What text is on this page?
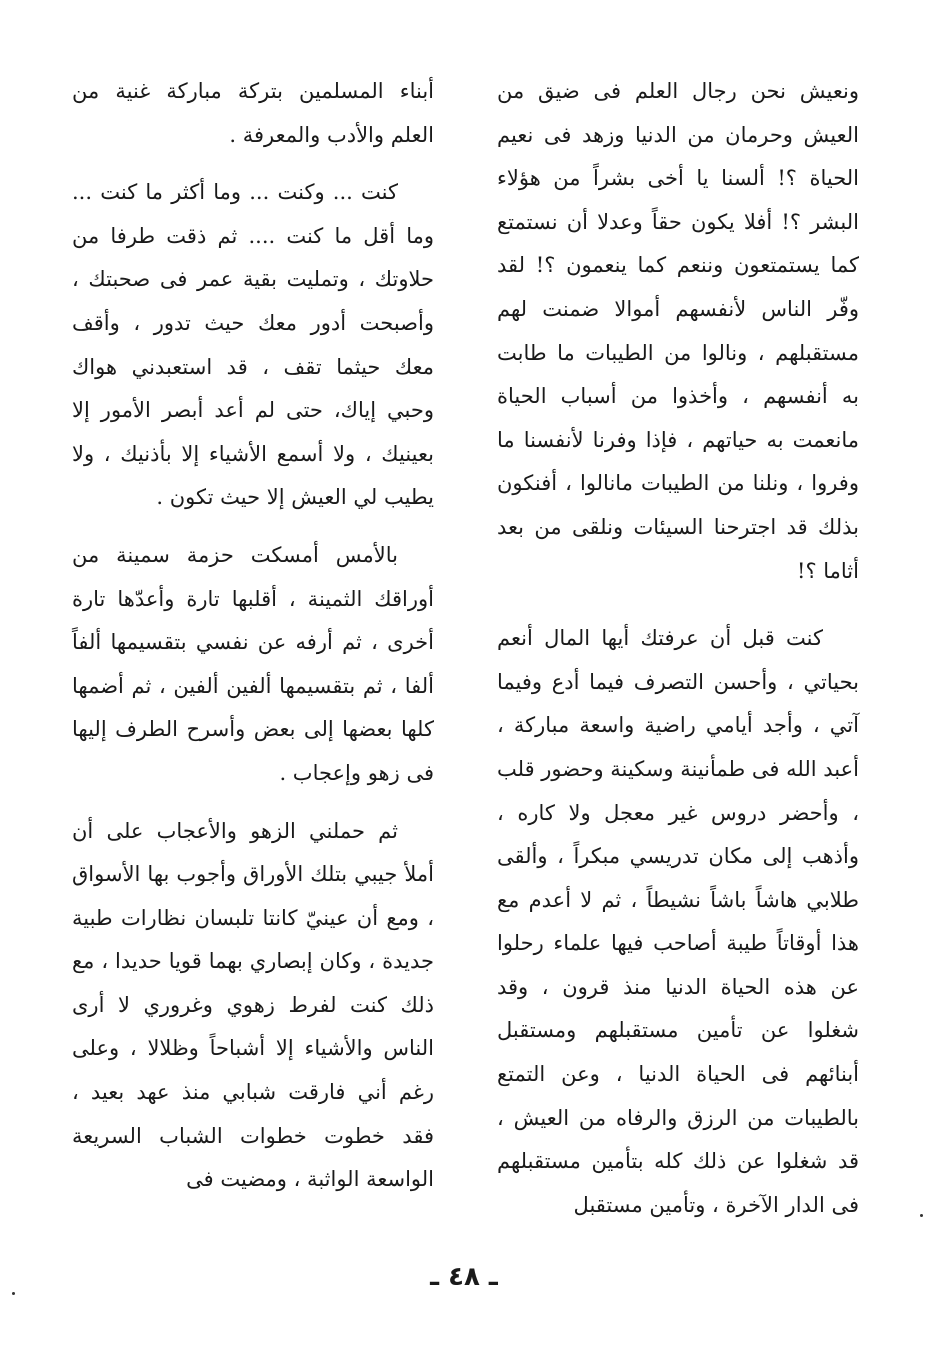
ونعيش نحن رجال العلم فى ضيق من العيش وحرمان من الدنيا وزهد فى نعيم الحياة ؟! ألسنا يا أخى بشراً من هؤلاء البشر ؟! أفلا يكون حقاً وعدلا أن نستمتع كما يستمتعون وننعم كما ينعمون ؟! لقد وفّر الناس لأنفسهم أموالا ضمنت لهم مستقبلهم ، ونالوا من الطيبات ما طابت به أنفسهم ، وأخذوا من أسباب الحياة مانعمت به حياتهم ، فإذا وفرنا لأنفسنا ما وفروا ، ونلنا من الطيبات مانالوا ، أفنكون بذلك قد اجترحنا السيئات ونلقى من بعد أثاما ؟!

كنت قبل أن عرفتك أيها المال أنعم بحياتي ، وأحسن التصرف فيما أدع وفيما آتي ، وأجد أيامي راضية واسعة مباركة ، أعبد الله فى طمأنينة وسكينة وحضور قلب ، وأحضر دروس غير معجل ولا كاره ، وأذهب إلى مكان تدريسي مبكراً ، وألقى طلابي هاشاً باشاً نشيطاً ، ثم لا أعدم مع هذا أوقاتاً طيبة أصاحب فيها علماء رحلوا عن هذه الحياة الدنيا منذ قرون ، وقد شغلوا عن تأمين مستقبلهم ومستقبل أبنائهم فى الحياة الدنيا ، وعن التمتع بالطيبات من الرزق والرفاه من العيش ، قد شغلوا عن ذلك كله بتأمين مستقبلهم فى الدار الآخرة ، وتأمين مستقبل

أبناء المسلمين بتركة مباركة غنية من العلم والأدب والمعرفة .

كنت ... وكنت ... وما أكثر ما كنت ... وما أقل ما كنت .... ثم ذقت طرفا من حلاوتك ، وتمليت بقية عمر فى صحبتك ، وأصبحت أدور معك حيث تدور ، وأقف معك حيثما تقف ، قد استعبدني هواك وحبي إياك، حتى لم أعد أبصر الأمور إلا بعينيك ، ولا أسمع الأشياء إلا بأذنيك ، ولا يطيب لي العيش إلا حيث تكون .

بالأمس أمسكت حزمة سمينة من أوراقك الثمينة ، أقلبها تارة وأعدّها تارة أخرى ، ثم أرفه عن نفسي بتقسيمها ألفاً ألفا ، ثم بتقسيمها ألفين ألفين ، ثم أضمها كلها بعضها إلى بعض وأسرح الطرف إليها فى زهو وإعجاب .

ثم حملني الزهو والأعجاب على أن أملأ جيبي بتلك الأوراق وأجوب بها الأسواق ، ومع أن عينيّ كانتا تلبسان نظارات طبية جديدة ، وكان إبصاري بهما قويا حديدا ، مع ذلك كنت لفرط زهوي وغروري لا أرى الناس والأشياء إلا أشباحاً وظلالا ، وعلى رغم أني فارقت شبابي منذ عهد بعيد ، فقد خطوت خطوات الشباب السريعة الواسعة الواثبة ، ومضيت فى

ـ ٤٨ ـ
